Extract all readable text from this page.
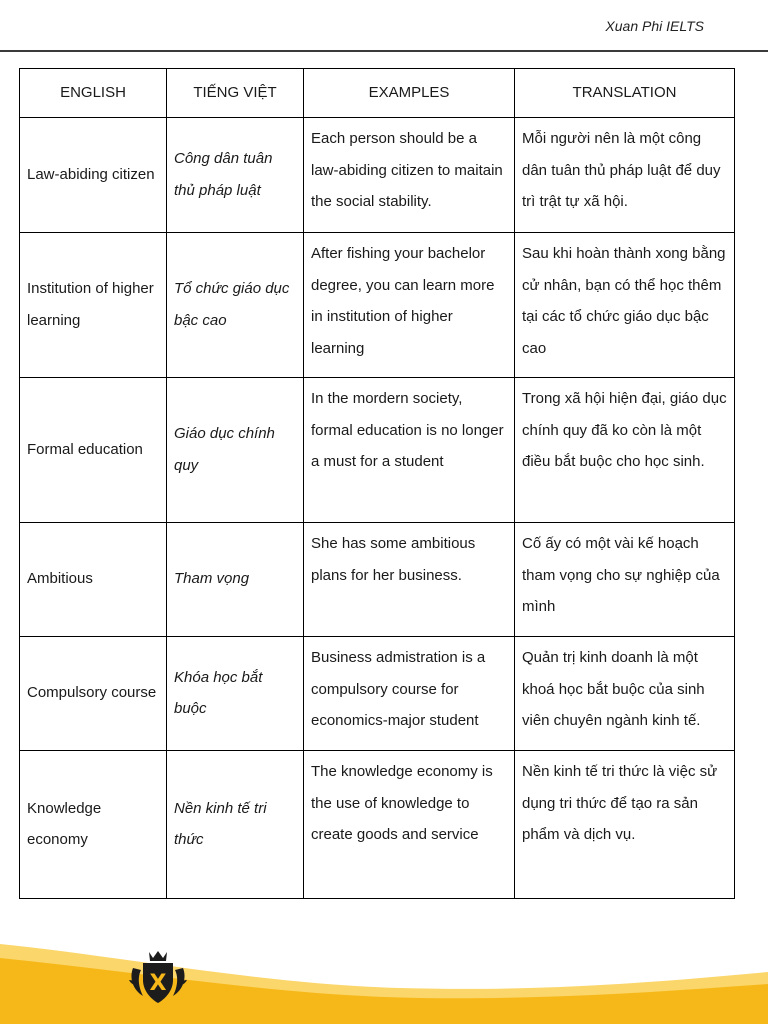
Xuan Phi IELTS
ENGLISH	TIẾNG VIỆT	EXAMPLES	TRANSLATION
Law-abiding citizen	Công dân tuân thủ pháp luật	Each person should be a law-abiding citizen to maitain the social stability.	Mỗi người nên là một công dân tuân thủ pháp luật để duy trì trật tự xã hội.
Institution of higher learning	Tổ chức giáo dục bậc cao	After fishing your bachelor degree, you can learn more in institution of higher learning	Sau khi hoàn thành xong bằng cử nhân, bạn có thể học thêm tại các tổ chức giáo dục bậc cao
Formal education	Giáo dục chính quy	In the mordern society, formal education is no longer a must for a student	Trong xã hội hiện đại, giáo dục chính quy đã ko còn là một điều bắt buộc cho học sinh.
Ambitious	Tham vọng	She has some ambitious plans for her business.	Cố ấy có một vài kế hoạch tham vọng cho sự nghiệp của mình
Compulsory course	Khóa học bắt buộc	Business admistration is a compulsory course for economics-major student	Quản trị kinh doanh là một khoá học bắt buộc của sinh viên chuyên ngành kinh tế.
Knowledge economy	Nền kinh tế tri thức	The knowledge economy is the use of knowledge to create goods and service	Nền kinh tế tri thức là việc sử dụng tri thức để tạo ra sản phẩm và dịch vụ.
X
